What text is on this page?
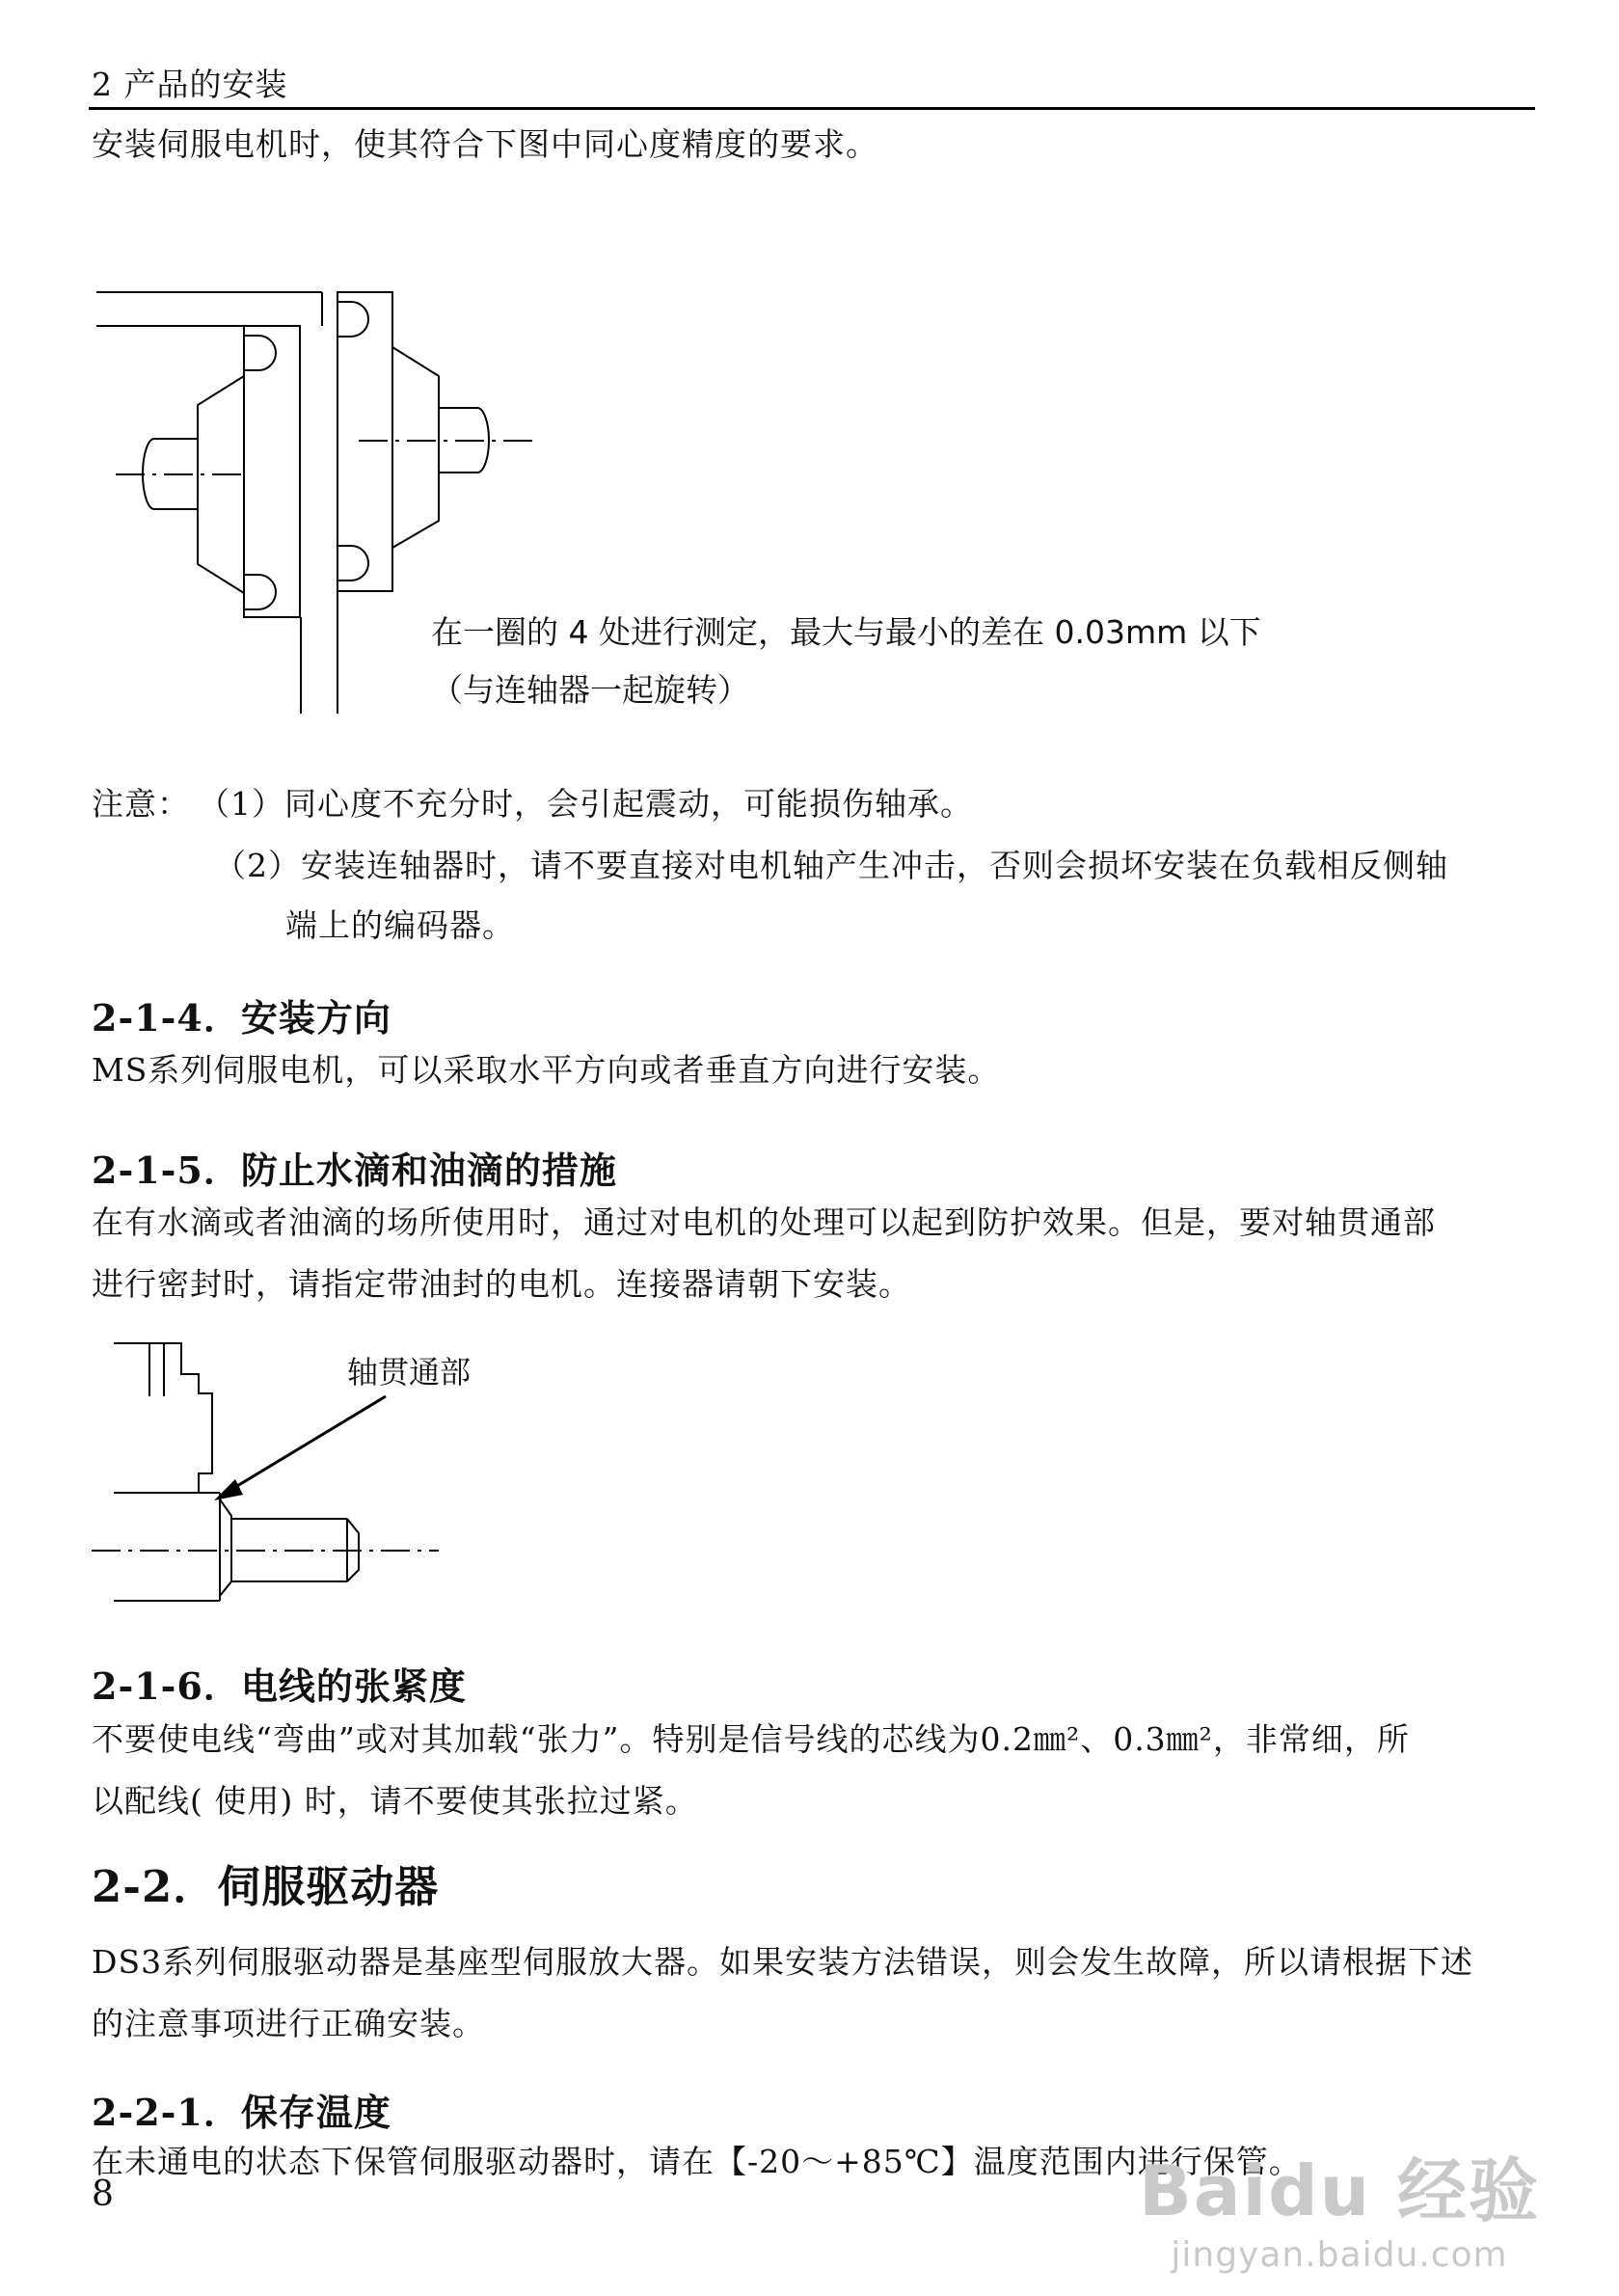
2 产品的安装
安装伺服电机时，使其符合下图中同心度精度的要求。
在一圈的 4 处进行测定，最大与最小的差在 0.03mm 以下
（与连轴器一起旋转）
注意： （1）同心度不充分时，会引起震动，可能损伤轴承。
（2）安装连轴器时，请不要直接对电机轴产生冲击，否则会损坏安装在负载相反侧轴
端上的编码器。
2-1-4．安装方向
MS系列伺服电机，可以采取水平方向或者垂直方向进行安装。
2-1-5．防止水滴和油滴的措施
在有水滴或者油滴的场所使用时，通过对电机的处理可以起到防护效果。但是，要对轴贯通部
进行密封时，请指定带油封的电机。连接器请朝下安装。
轴贯通部
2-1-6．电线的张紧度
不要使电线“弯曲”或对其加载“张力”。特别是信号线的芯线为0.2㎜²、0.3㎜²，非常细，所
以配线( 使用) 时，请不要使其张拉过紧。
2-2．伺服驱动器
DS3系列伺服驱动器是基座型伺服放大器。如果安装方法错误，则会发生故障，所以请根据下述
的注意事项进行正确安装。
2-2-1．保存温度
在未通电的状态下保管伺服驱动器时，请在【-20～+85℃】温度范围内进行保管。
8	Baidu 经验
jingyan.baidu.com
